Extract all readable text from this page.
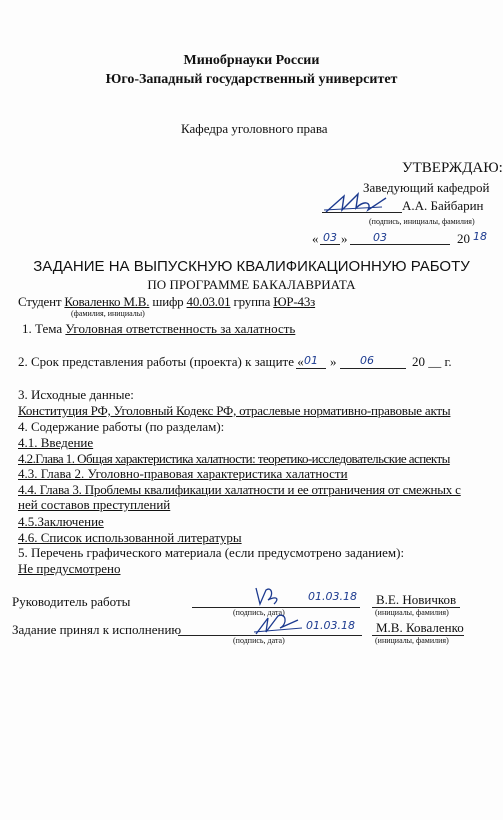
Минобрнауки России
Юго-Западный государственный университет
Кафедра уголовного права
УТВЕРЖДАЮ:
Заведующий кафедрой
А.А. Байбарин
(подпись, инициалы, фамилия)
« 03 » 03	20 18
ЗАДАНИЕ НА ВЫПУСКНУЮ КВАЛИФИКАЦИОННУЮ РАБОТУ
ПО ПРОГРАММЕ БАКАЛАВРИАТА
Студент Коваленко М.В. шифр 40.03.01 группа ЮР-43з
(фамилия, инициалы)
1. Тема Уголовная ответственность за халатность
2. Срок представления работы (проекта) к защите « 01 » 06	20 __ г.
3. Исходные данные:
Конституция РФ, Уголовный Кодекс РФ, отраслевые нормативно-правовые акты
4. Содержание работы (по разделам):
4.1. Введение
4.2.Глава 1. Общая характеристика халатности: теоретико-исследовательские аспекты
4.3. Глава 2. Уголовно-правовая характеристика халатности
4.4. Глава 3. Проблемы квалификации халатности и ее отграничения от смежных с
ней составов преступлений
4.5.Заключение
4.6. Список использованной литературы
5. Перечень графического материала (если предусмотрено заданием):
Не предусмотрено
Руководитель работы	01.03.18 В.Е. Новичков
(подпись, дата)	(инициалы, фамилия)
Задание принял к исполнению	01.03.18 М.В. Коваленко
(подпись, дата)	(инициалы, фамилия)
